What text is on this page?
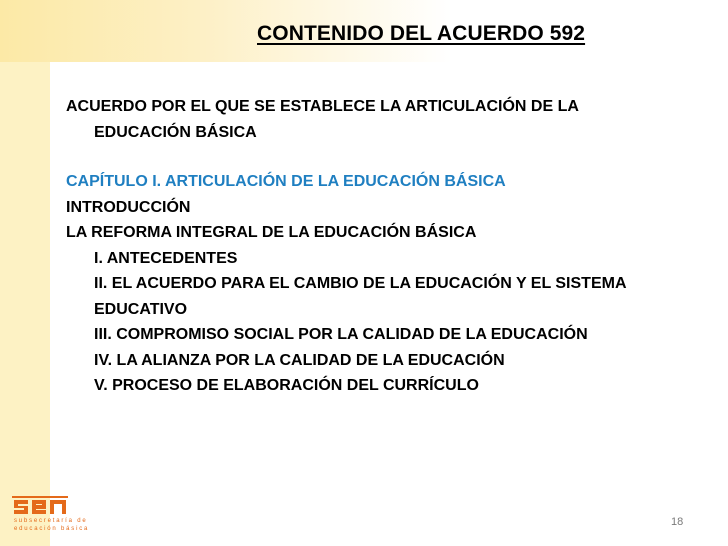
CONTENIDO DEL ACUERDO 592
ACUERDO POR EL QUE SE ESTABLECE LA ARTICULACIÓN DE LA
EDUCACIÓN BÁSICA
CAPÍTULO I. ARTICULACIÓN DE LA EDUCACIÓN BÁSICA
INTRODUCCIÓN
LA REFORMA INTEGRAL DE LA EDUCACIÓN BÁSICA
I. ANTECEDENTES
II. EL ACUERDO PARA EL CAMBIO DE LA EDUCACIÓN Y EL SISTEMA
EDUCATIVO
III. COMPROMISO SOCIAL POR LA CALIDAD DE LA EDUCACIÓN
IV. LA ALIANZA POR LA CALIDAD DE LA EDUCACIÓN
V. PROCESO DE ELABORACIÓN DEL CURRÍCULO
subsecretaría de
educación básica
18
